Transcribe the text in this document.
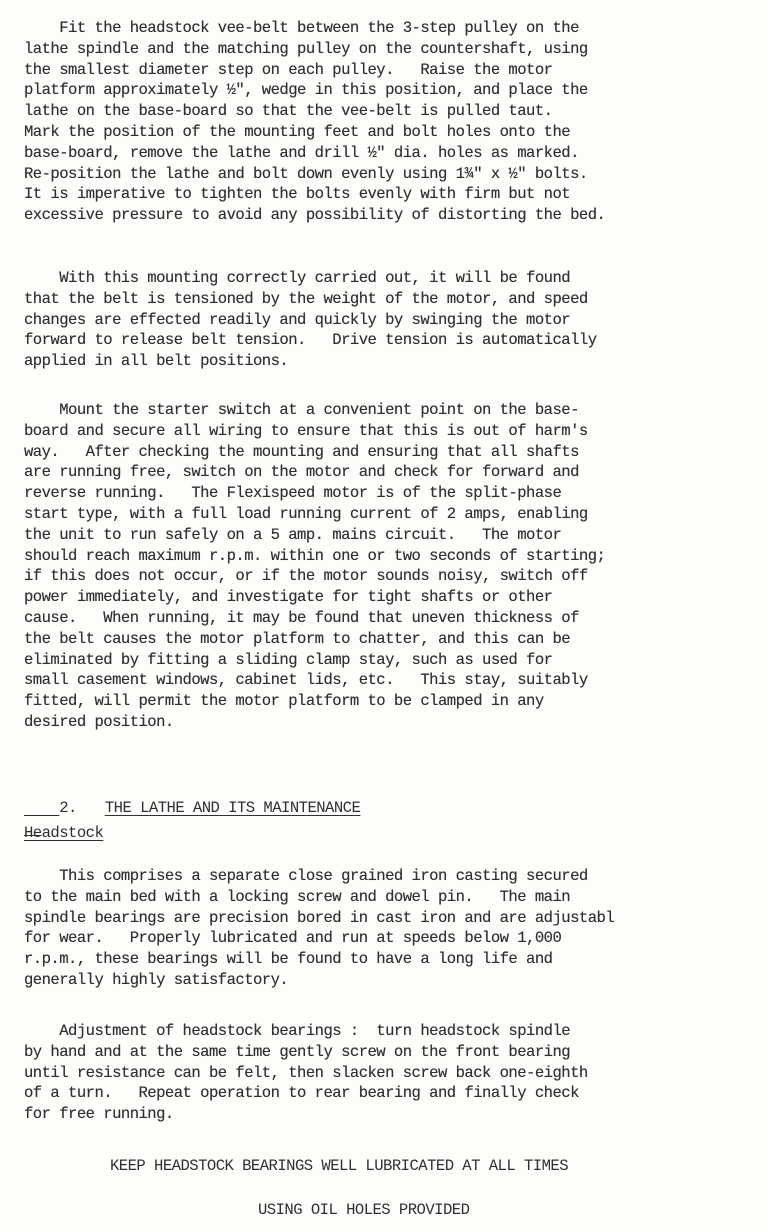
Fit the headstock vee-belt between the 3-step pulley on the
lathe spindle and the matching pulley on the countershaft, using
the smallest diameter step on each pulley.   Raise the motor
platform approximately ½", wedge in this position, and place the
lathe on the base-board so that the vee-belt is pulled taut.
Mark the position of the mounting feet and bolt holes onto the
base-board, remove the lathe and drill ½" dia. holes as marked.
Re-position the lathe and bolt down evenly using 1¾" x ½" bolts.
It is imperative to tighten the bolts evenly with firm but not
excessive pressure to avoid any possibility of distorting the bed.
With this mounting correctly carried out, it will be found
that the belt is tensioned by the weight of the motor, and speed
changes are effected readily and quickly by swinging the motor
forward to release belt tension.   Drive tension is automatically
applied in all belt positions.
Mount the starter switch at a convenient point on the base-
board and secure all wiring to ensure that this is out of harm's
way.   After checking the mounting and ensuring that all shafts
are running free, switch on the motor and check for forward and
reverse running.   The Flexispeed motor is of the split-phase
start type, with a full load running current of 2 amps, enabling
the unit to run safely on a 5 amp. mains circuit.   The motor
should reach maximum r.p.m. within one or two seconds of starting;
if this does not occur, or if the motor sounds noisy, switch off
power immediately, and investigate for tight shafts or other
cause.   When running, it may be found that uneven thickness of
the belt causes the motor platform to chatter, and this can be
eliminated by fitting a sliding clamp stay, such as used for
small casement windows, cabinet lids, etc.   This stay, suitably
fitted, will permit the motor platform to be clamped in any
desired position.

2. THE LATHE AND ITS MAINTENANCE

Headstock
This comprises a separate close grained iron casting secured
to the main bed with a locking screw and dowel pin.   The main
spindle bearings are precision bored in cast iron and are adjustabl
for wear.   Properly lubricated and run at speeds below 1,000
r.p.m., these bearings will be found to have a long life and
generally highly satisfactory.
Adjustment of headstock bearings :  turn headstock spindle
by hand and at the same time gently screw on the front bearing
until resistance can be felt, then slacken screw back one-eighth
of a turn.   Repeat operation to rear bearing and finally check
for free running.
KEEP HEADSTOCK BEARINGS WELL LUBRICATED AT ALL TIMES
USING OIL HOLES PROVIDED
